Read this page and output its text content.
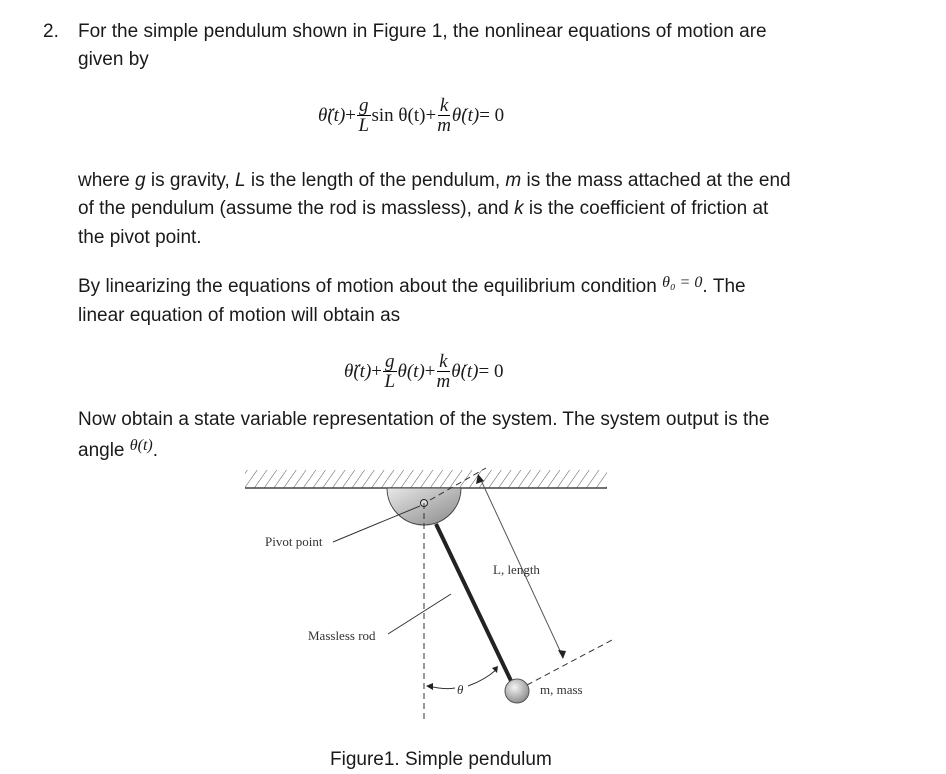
2. For the simple pendulum shown in Figure 1, the nonlinear equations of motion are
given by
θ̈(t) + $\frac{g}{L}$ $\sin \theta(t) + \frac{k}{m}$ θ̇(t) = 0
where g is gravity, L is the length of the pendulum, m is the mass attached at the end
of the pendulum (assume the rod is massless), and k is the coefficient of friction at
the pivot point.
By linearizing the equations of motion about the equilibrium condition $^{\theta_0 = 0}$. The
linear equation of motion will obtain as
θ̈(t) + $\frac{g}{L} \theta(t) + \frac{k}{m}$ θ̇(t) = 0
Now obtain a state variable representation of the system. The system output is the
angle $^{\theta(t)}$.
Pivot point
L, length
Massless rod
θ	m, mass
Figure1. Simple pendulum
